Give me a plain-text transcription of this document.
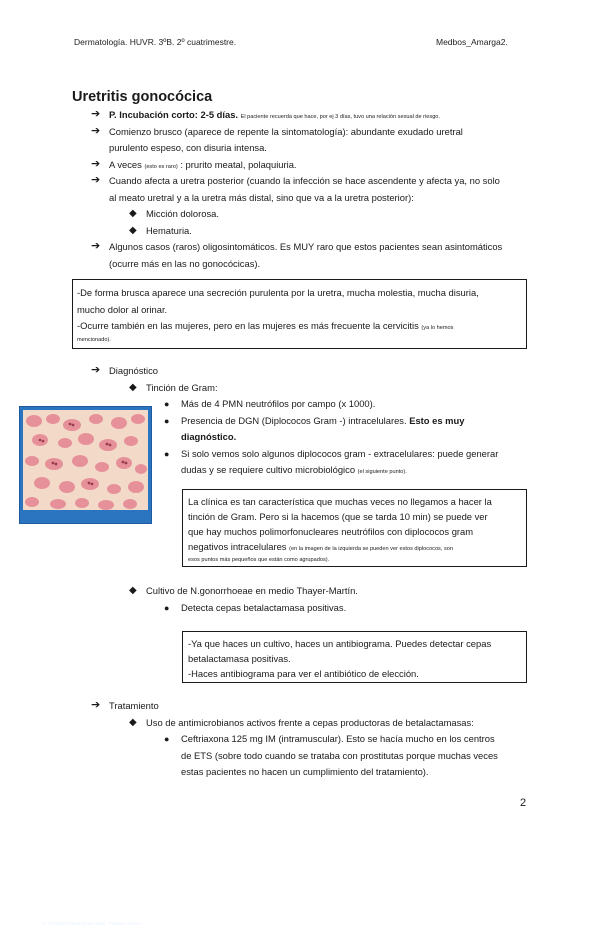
Dermatología. HUVR. 3ºB. 2º cuatrimestre.	Medbos_Amarga2.
Uretritis gonocócica
➔ P. Incubación corto: 2-5 días. El paciente recuerda que hace, por ej 3 días, tuvo una relación sexual de riesgo.
➔ Comienzo brusco (aparece de repente la sintomatología): abundante exudado uretral
purulento espeso, con disuria intensa.
➔ A veces (esto es raro) : prurito meatal, polaquiuria.
➔ Cuando afecta a uretra posterior (cuando la infección se hace ascendente y afecta ya, no solo
al meato uretral y a la uretra más distal, sino que va a la uretra posterior):
◆ Micción dolorosa.
◆ Hematuria.
➔ Algunos casos (raros) oligosintomáticos. Es MUY raro que estos pacientes sean asintomáticos
(ocurre más en las no gonocócicas).
-De forma brusca aparece una secreción purulenta por la uretra, mucha molestia, mucha disuria,
mucho dolor al orinar.
-Ocurre también en las mujeres, pero en las mujeres es más frecuente la cervicitis (ya lo hemos
mencionado).
➔ Diagnóstico
◆ Tinción de Gram:
● Más de 4 PMN neutrófilos por campo (x 1000).
● Presencia de DGN (Diplococos Gram -) intracelulares. Esto es muy
diagnóstico.
● Si solo vemos solo algunos diplococos gram - extracelulares: puede generar
dudas y se requiere cultivo microbiológico (el siguiente punto).
N. GONORRHOEAE (Gram stain) · Pubmed · Cortes
La clínica es tan característica que muchas veces no llegamos a hacer la
tinción de Gram. Pero si la hacemos (que se tarda 10 min) se puede ver
que hay muchos polimorfonucleares neutrófilos con diplococos gram
negativos intracelulares (en la imagen de la izquierda se pueden ver estos diplococos, son
esos puntos más pequeños que están como agrupados).
◆ Cultivo de N.gonorrhoeae en medio Thayer-Martín.
● Detecta cepas betalactamasa positivas.
-Ya que haces un cultivo, haces un antibiograma. Puedes detectar cepas
betalactamasa positivas.
-Haces antibiograma para ver el antibiótico de elección.
➔ Tratamiento
◆ Uso de antimicrobianos activos frente a cepas productoras de betalactamasas:
● Ceftriaxona 125 mg IM (intramuscular). Esto se hacía mucho en los centros
de ETS (sobre todo cuando se trataba con prostitutas porque muchas veces
estas pacientes no hacen un cumplimiento del tratamiento).
2
